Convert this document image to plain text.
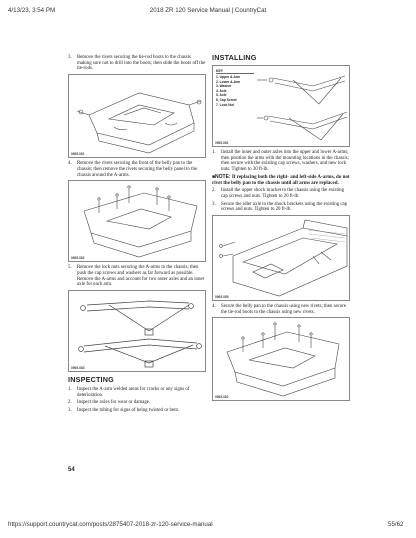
4/13/23, 3:54 PM	2018 ZR 120 Service Manual | CountryCat
https://support.countrycat.com/posts/2875407-2018-zr-120-service-manual	55/62

3.	Remove the rivets securing the tie-rod boots to the chassis making sure not to drill into the boots; then slide the boots off the tie-rods.

0965-081

4.	Remove the rivets securing the front of the belly pan to the chassis; then remove the rivets securing the belly panel to the chassis around the A-arms.

0965-082

5.	Remove the lock nuts securing the A-arms to the chassis; then push the cap screws and washers as far forward as possible. Remove the A-arms and account for two outer axles and an inner axle for each arm.

0965-083
INSPECTING

1.	Inspect the A-arm welded areas for cracks or any signs of deterioration.

2.	Inspect the axles for wear or damage.

3.	Inspect the tubing for signs of being twisted or bent.

54
INSTALLING
KEY
1. Upper A-Arm
2. Lower A-Arm
3. Washer
4. Axle
5. Axle
6. Cap Screw
7. Lock Nut
0965-081

1.	Install the inner and outer axles into the upper and lower A-arms; then position the arms with the mounting locations in the chassis; then secure with the existing cap screws, washers, and new lock nuts. Tighten to 30 ft-lb.

■NOTE: If replacing both the right- and left-side A-arms, do not rivet the belly pan to the chassis until all arms are replaced.

2.	Install the upper shock bracket to the chassis using the existing cap screws and nuts. Tighten to 20 ft-lb.

3.	Secure the idler axle to the shock brackets using the existing cap screws and nuts. Tighten to 20 ft-lb.

0965-085

4.	Secure the belly pan to the chassis using new rivets; then secure the tie-rod boots to the chassis using new rivets.

0965-082
